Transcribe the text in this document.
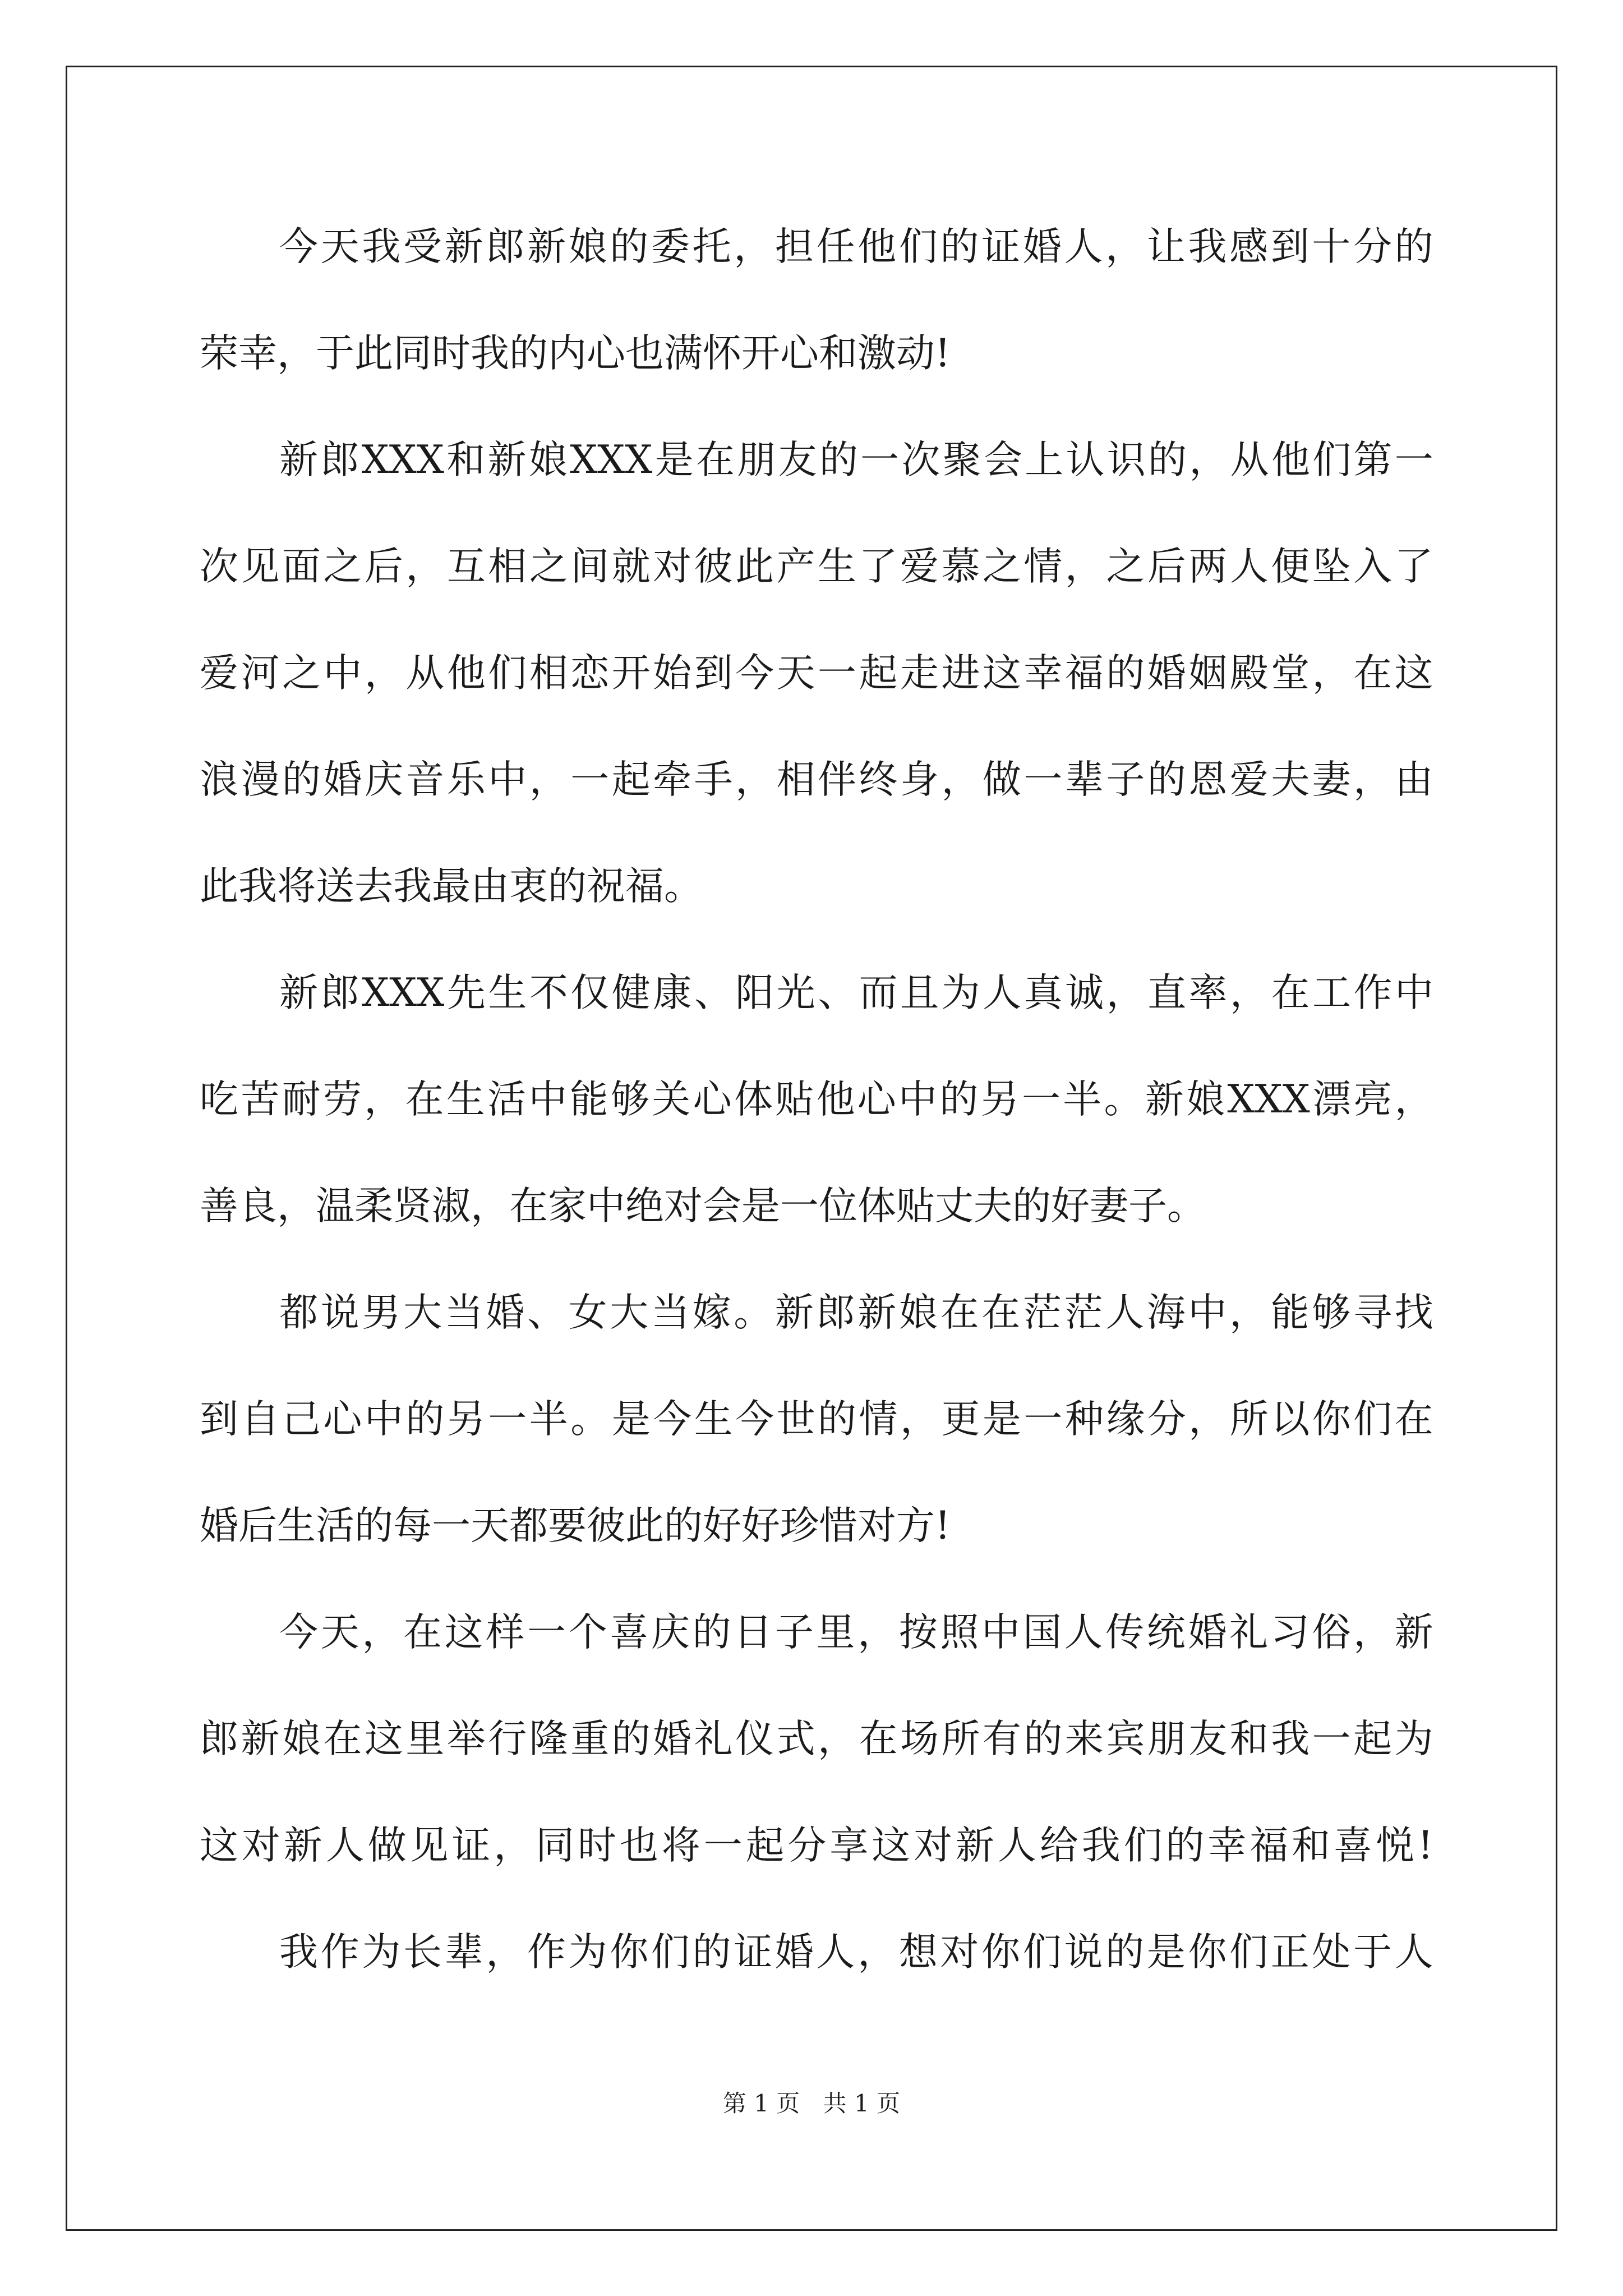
今 天 我 受 新 郎 新 娘 的 委 托 ， 担 任 他 们 的 证 婚 人 ， 让 我 感 到 十 分 的
荣幸，于此同时我的内心也满怀开心和激动!
新 郎 XXX 和 新 娘 XXX 是 在 朋 友 的 一 次 聚 会 上 认 识 的 ， 从 他 们 第 一
次 见 面 之 后 ， 互 相 之 间 就 对 彼 此 产 生 了 爱 慕 之 情 ， 之 后 两 人 便 坠 入 了
爱 河 之 中 ， 从 他 们 相 恋 开 始 到 今 天 一 起 走 进 这 幸 福 的 婚 姻 殿 堂 ， 在 这
浪 漫 的 婚 庆 音 乐 中 ， 一 起 牵 手 ， 相 伴 终 身 ， 做 一 辈 子 的 恩 爱 夫 妻 ， 由
此我将送去我最由衷的祝福。
新 郎 XXX 先 生 不 仅 健 康 、 阳 光 、 而 且 为 人 真 诚 ， 直 率 ， 在 工 作 中
吃 苦 耐 劳 ， 在 生 活 中 能 够 关 心 体 贴 他 心 中 的 另 一 半 。 新 娘 XXX 漂 亮 ，
善良，温柔贤淑，在家中绝对会是一位体贴丈夫的好妻子。
都 说 男 大 当 婚 、 女 大 当 嫁 。 新 郎 新 娘 在 在 茫 茫 人 海 中 ， 能 够 寻 找
到 自 己 心 中 的 另 一 半 。 是 今 生 今 世 的 情 ， 更 是 一 种 缘 分 ， 所 以 你 们 在
婚后生活的每一天都要彼此的好好珍惜对方!
今 天 ， 在 这 样 一 个 喜 庆 的 日 子 里 ， 按 照 中 国 人 传 统 婚 礼 习 俗 ， 新
郎 新 娘 在 这 里 举 行 隆 重 的 婚 礼 仪 式 ， 在 场 所 有 的 来 宾 朋 友 和 我 一 起 为
这 对 新 人 做 见 证 ， 同 时 也 将 一 起 分 享 这 对 新 人 给 我 们 的 幸 福 和 喜 悦 !
我 作 为 长 辈 ， 作 为 你 们 的 证 婚 人 ， 想 对 你 们 说 的 是 你 们 正 处 于 人
第 1 页 共 1 页
